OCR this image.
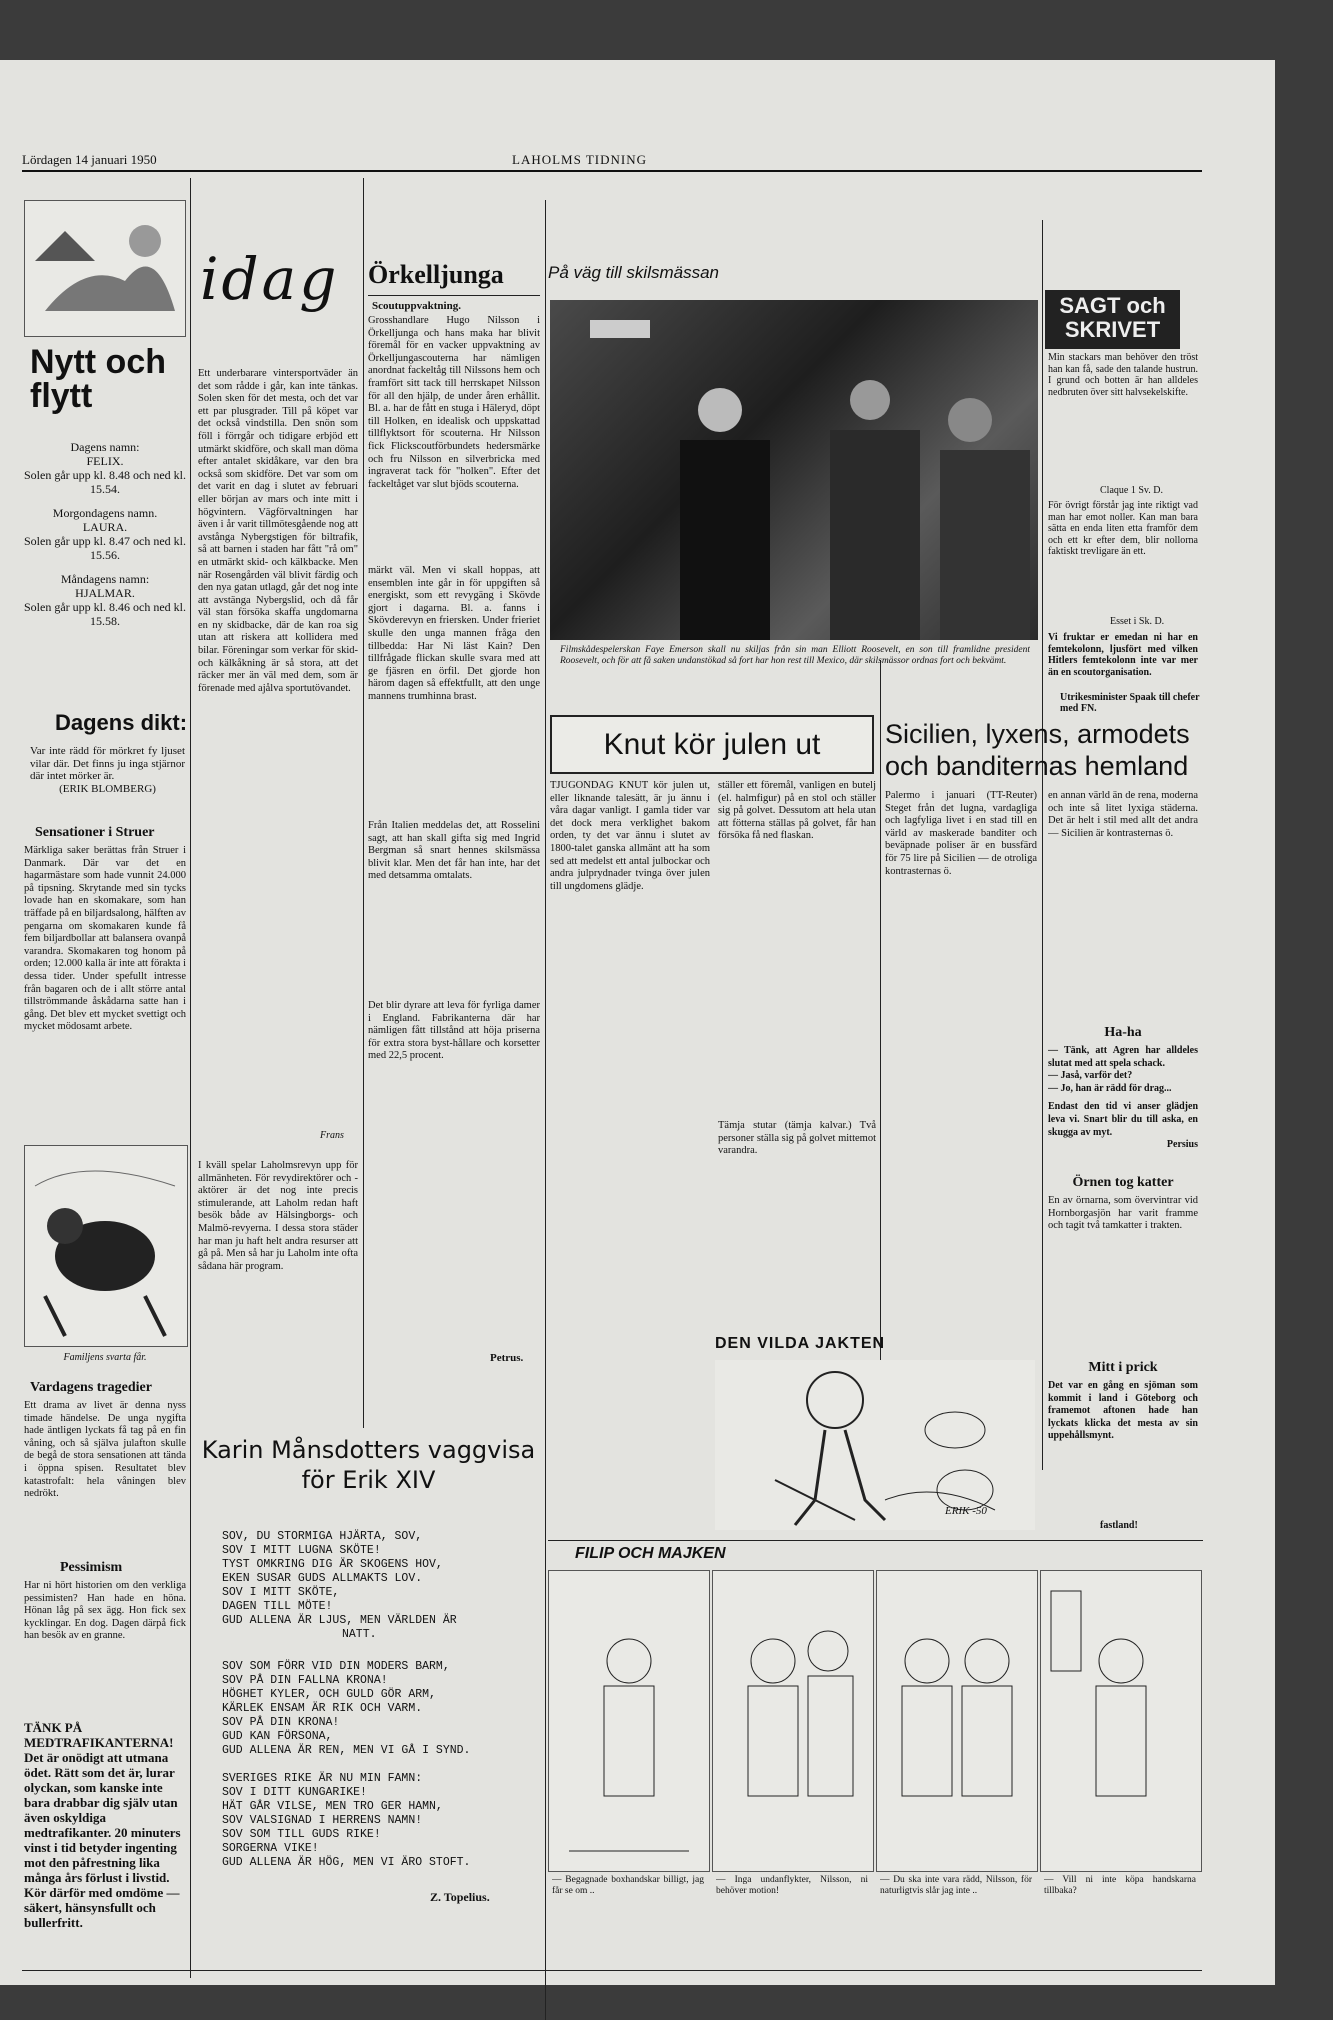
Lördagen 14 januari 1950	LAHOLMS TIDNING
Nytt och flytt
Dagens namn:
FELIX.
Solen går upp kl. 8.48 och ned kl. 15.54.
Morgondagens namn.
LAURA.
Solen går upp kl. 8.47 och ned kl. 15.56.
Måndagens namn:
HJALMAR.
Solen går upp kl. 8.46 och ned kl. 15.58.
Dagens dikt:
Var inte rädd för mörkret fy ljuset vilar där. Det finns ju inga stjärnor där intet mörker är.
(ERIK BLOMBERG)
Sensationer i Struer
Märkliga saker berättas från Struer i Danmark. Där var det en hagarmästare som hade vunnit 24.000 på tipsning. Skrytande med sin tycks lovade han en skomakare, som han träffade på en biljardsalong, hälften av pengarna om skomakaren kunde få fem biljardbollar att balansera ovanpå varandra. Skomakaren tog honom på orden; 12.000 kalla är inte att förakta i dessa tider. Under spefullt intresse från bagaren och de i allt större antal tillströmmande åskådarna satte han i gång. Det blev ett mycket svettigt och mycket mödosamt arbete.
Familjens svarta får.
Vardagens tragedier
Ett drama av livet är denna nyss timade händelse. De unga nygifta hade äntligen lyckats få tag på en fin våning, och så själva julafton skulle de begå de stora sensationen att tända i öppna spisen. Resultatet blev katastrofalt: hela våningen blev nedrökt.
Pessimism
Har ni hört historien om den verkliga pessimisten? Han hade en höna. Hönan låg på sex ägg. Hon fick sex kycklingar. En dog. Dagen därpå fick han besök av en granne.
TÄNK PÅ MEDTRAFIKANTERNA! Det är onödigt att utmana ödet. Rätt som det är, lurar olyckan, som kanske inte bara drabbar dig själv utan även oskyldiga medtrafikanter. 20 minuters vinst i tid betyder ingenting mot den påfrestning lika många års förlust i livstid. Kör därför med omdöme — säkert, hänsynsfullt och bullerfritt.
idag
Ett underbarare vintersportväder än det som rådde i går, kan inte tänkas. Solen sken för det mesta, och det var ett par plusgrader. Till på köpet var det också vindstilla. Den snön som föll i förrgår och tidigare erbjöd ett utmärkt skidföre, och skall man döma efter antalet skidåkare, var den bra också som skidföre. Det var som om det varit en dag i slutet av februari eller början av mars och inte mitt i högvintern. Vägförvaltningen har även i år varit tillmötesgående nog att avstånga Nybergstigen för biltrafik, så att barnen i staden har fått "rå om" en utmärkt skid- och kälkbacke. Men när Rosengården väl blivit färdig och den nya gatan utlagd, går det nog inte att avstänga Nybergslid, och då får väl stan försöka skaffa ungdomarna en ny skidbacke, där de kan roa sig utan att riskera att kollidera med bilar. Föreningar som verkar för skid- och kälkåkning är så stora, att det räcker mer än väl med dem, som är förenade med ajålva sportutövandet.
I kväll spelar Laholmsrevyn upp för allmänheten. För revydirektörer och -aktörer är det nog inte precis stimulerande, att Laholm redan haft besök både av Hälsingborgs- och Malmö-revyerna. I dessa stora städer har man ju haft helt andra resurser att gå på. Men så har ju Laholm inte ofta sådana här program.
Frans
Örkelljunga
Scoutuppvaktning.
Grosshandlare Hugo Nilsson i Örkelljunga och hans maka har blivit föremål för en vacker uppvaktning av Örkelljungascouterna har nämligen anordnat fackeltåg till Nilssons hem och framfört sitt tack till herrskapet Nilsson för all den hjälp, de under åren erhållit. Bl. a. har de fått en stuga i Häleryd, döpt till Holken, en idealisk och uppskattad tillflyktsort för scouterna. Hr Nilsson fick Flickscoutförbundets hedersmärke och fru Nilsson en silverbricka med ingraverat tack för "holken". Efter det fackeltåget var slut bjöds scouterna.
märkt väl. Men vi skall hoppas, att ensemblen inte går in för uppgiften så energiskt, som ett revygäng i Skövde gjort i dagarna. Bl. a. fanns i Skövderevyn en friersken. Under frieriet skulle den unga mannen fråga den tillbedda: Har Ni läst Kain? Den tillfrågade flickan skulle svara med att ge fjäsren en örfil. Det gjorde hon härom dagen så effektfullt, att den unge mannens trumhinna brast.
Från Italien meddelas det, att Rosselini sagt, att han skall gifta sig med Ingrid Bergman så snart hennes skilsmässa blivit klar. Men det får han inte, har det med detsamma omtalats.
Det blir dyrare att leva för fyrliga damer i England. Fabrikanterna där har nämligen fått tillstånd att höja priserna för extra stora byst-hållare och korsetter med 22,5 procent.
Petrus.
På väg till skilsmässan
Filmskådespelerskan Faye Emerson skall nu skiljas från sin man Elliott Roosevelt, en son till framlidne president Roosevelt, och för att få saken undanstökad så fort har hon rest till Mexico, där skilsmässor ordnas fort och bekvämt.
SAGT och SKRIVET
Min stackars man behöver den tröst han kan få, sade den talande hustrun. I grund och botten är han alldeles nedbruten över sitt halvsekelskifte.
Claque 1 Sv. D.
För övrigt förstår jag inte riktigt vad man har emot noller. Kan man bara sätta en enda liten etta framför dem och ett kr efter dem, blir nollorna faktiskt trevligare än ett.
Esset i Sk. D.
Vi fruktar er emedan ni har en femtekolonn, ljusfört med vilken Hitlers femtekolonn inte var mer än en scoutorganisation.
Utrikesminister Spaak till chefer med FN.
Knut kör julen ut
TJUGONDAG KNUT kör julen ut, eller liknande talesätt, är ju ännu i våra dagar vanligt. I gamla tider var det dock mera verklighet bakom orden, ty det var ännu i slutet av 1800-talet ganska allmänt att ha som sed att medelst ett antal julbockar och andra julprydnader tvinga över julen till ungdomens glädje.
ställer ett föremål, vanligen en butelj (el. halmfigur) på en stol och ställer sig på golvet. Dessutom att hela utan att fötterna ställas på golvet, får han försöka få ned flaskan.
Tämja stutar (tämja kalvar.) Två personer ställa sig på golvet mittemot varandra.
Sicilien, lyxens, armodets och banditernas hemland
Palermo i januari (TT-Reuter) Steget från det lugna, vardagliga och lagfyliga livet i en stad till en värld av maskerade banditer och beväpnade poliser är en bussfärd för 75 lire på Sicilien — de otroliga kontrasternas ö.
en annan värld än de rena, moderna och inte så litet lyxiga städerna. Det är helt i stil med allt det andra — Sicilien är kontrasternas ö.
Ha-ha
— Tänk, att Agren har alldeles slutat med att spela schack.
— Jaså, varför det?
— Jo, han är rädd för drag...
Endast den tid vi anser glädjen leva vi. Snart blir du till aska, en skugga av myt.
Persius
Örnen tog katter
En av örnarna, som övervintrar vid Hornborgasjön har varit framme och tagit två tamkatter i trakten.
Mitt i prick
Det var en gång en sjöman som kommit i land i Göteborg och framemot aftonen hade han lyckats klicka det mesta av sin uppehållsmynt.
fastland!
DEN VILDA JAKTEN
ERIK -50
Karin Månsdotters vaggvisa för Erik XIV
SOV, DU STORMIGA HJÄRTA, SOV,
SOV I MITT LUGNA SKÖTE!
TYST OMKRING DIG ÄR SKOGENS HOV,
EKEN SUSAR GUDS ALLMAKTS LOV.
SOV I MITT SKÖTE,
DAGEN TILL MÖTE!
GUD ALLENA ÄR LJUS, MEN VÄRLDEN ÄR
NATT.
SOV SOM FÖRR VID DIN MODERS BARM,
SOV PÅ DIN FALLNA KRONA!
HÖGHET KYLER, OCH GULD GÖR ARM,
KÄRLEK ENSAM ÄR RIK OCH VARM.
SOV PÅ DIN KRONA!
GUD KAN FÖRSONA,
GUD ALLENA ÄR REN, MEN VI GÅ I SYND.
SVERIGES RIKE ÄR NU MIN FAMN:
SOV I DITT KUNGARIKE!
HÄT GÅR VILSE, MEN TRO GER HAMN,
SOV VALSIGNAD I HERRENS NAMN!
SOV SOM TILL GUDS RIKE!
SORGERNA VIKE!
GUD ALLENA ÄR HÖG, MEN VI ÄRO STOFT.
Z. Topelius.
FILIP OCH MAJKEN
— Begagnade boxhandskar billigt, jag får se om ..
— Inga undanflykter, Nilsson, ni behöver motion!
— Du ska inte vara rädd, Nilsson, för naturligtvis slår jag inte ..
— Vill ni inte köpa handskarna tillbaka?
